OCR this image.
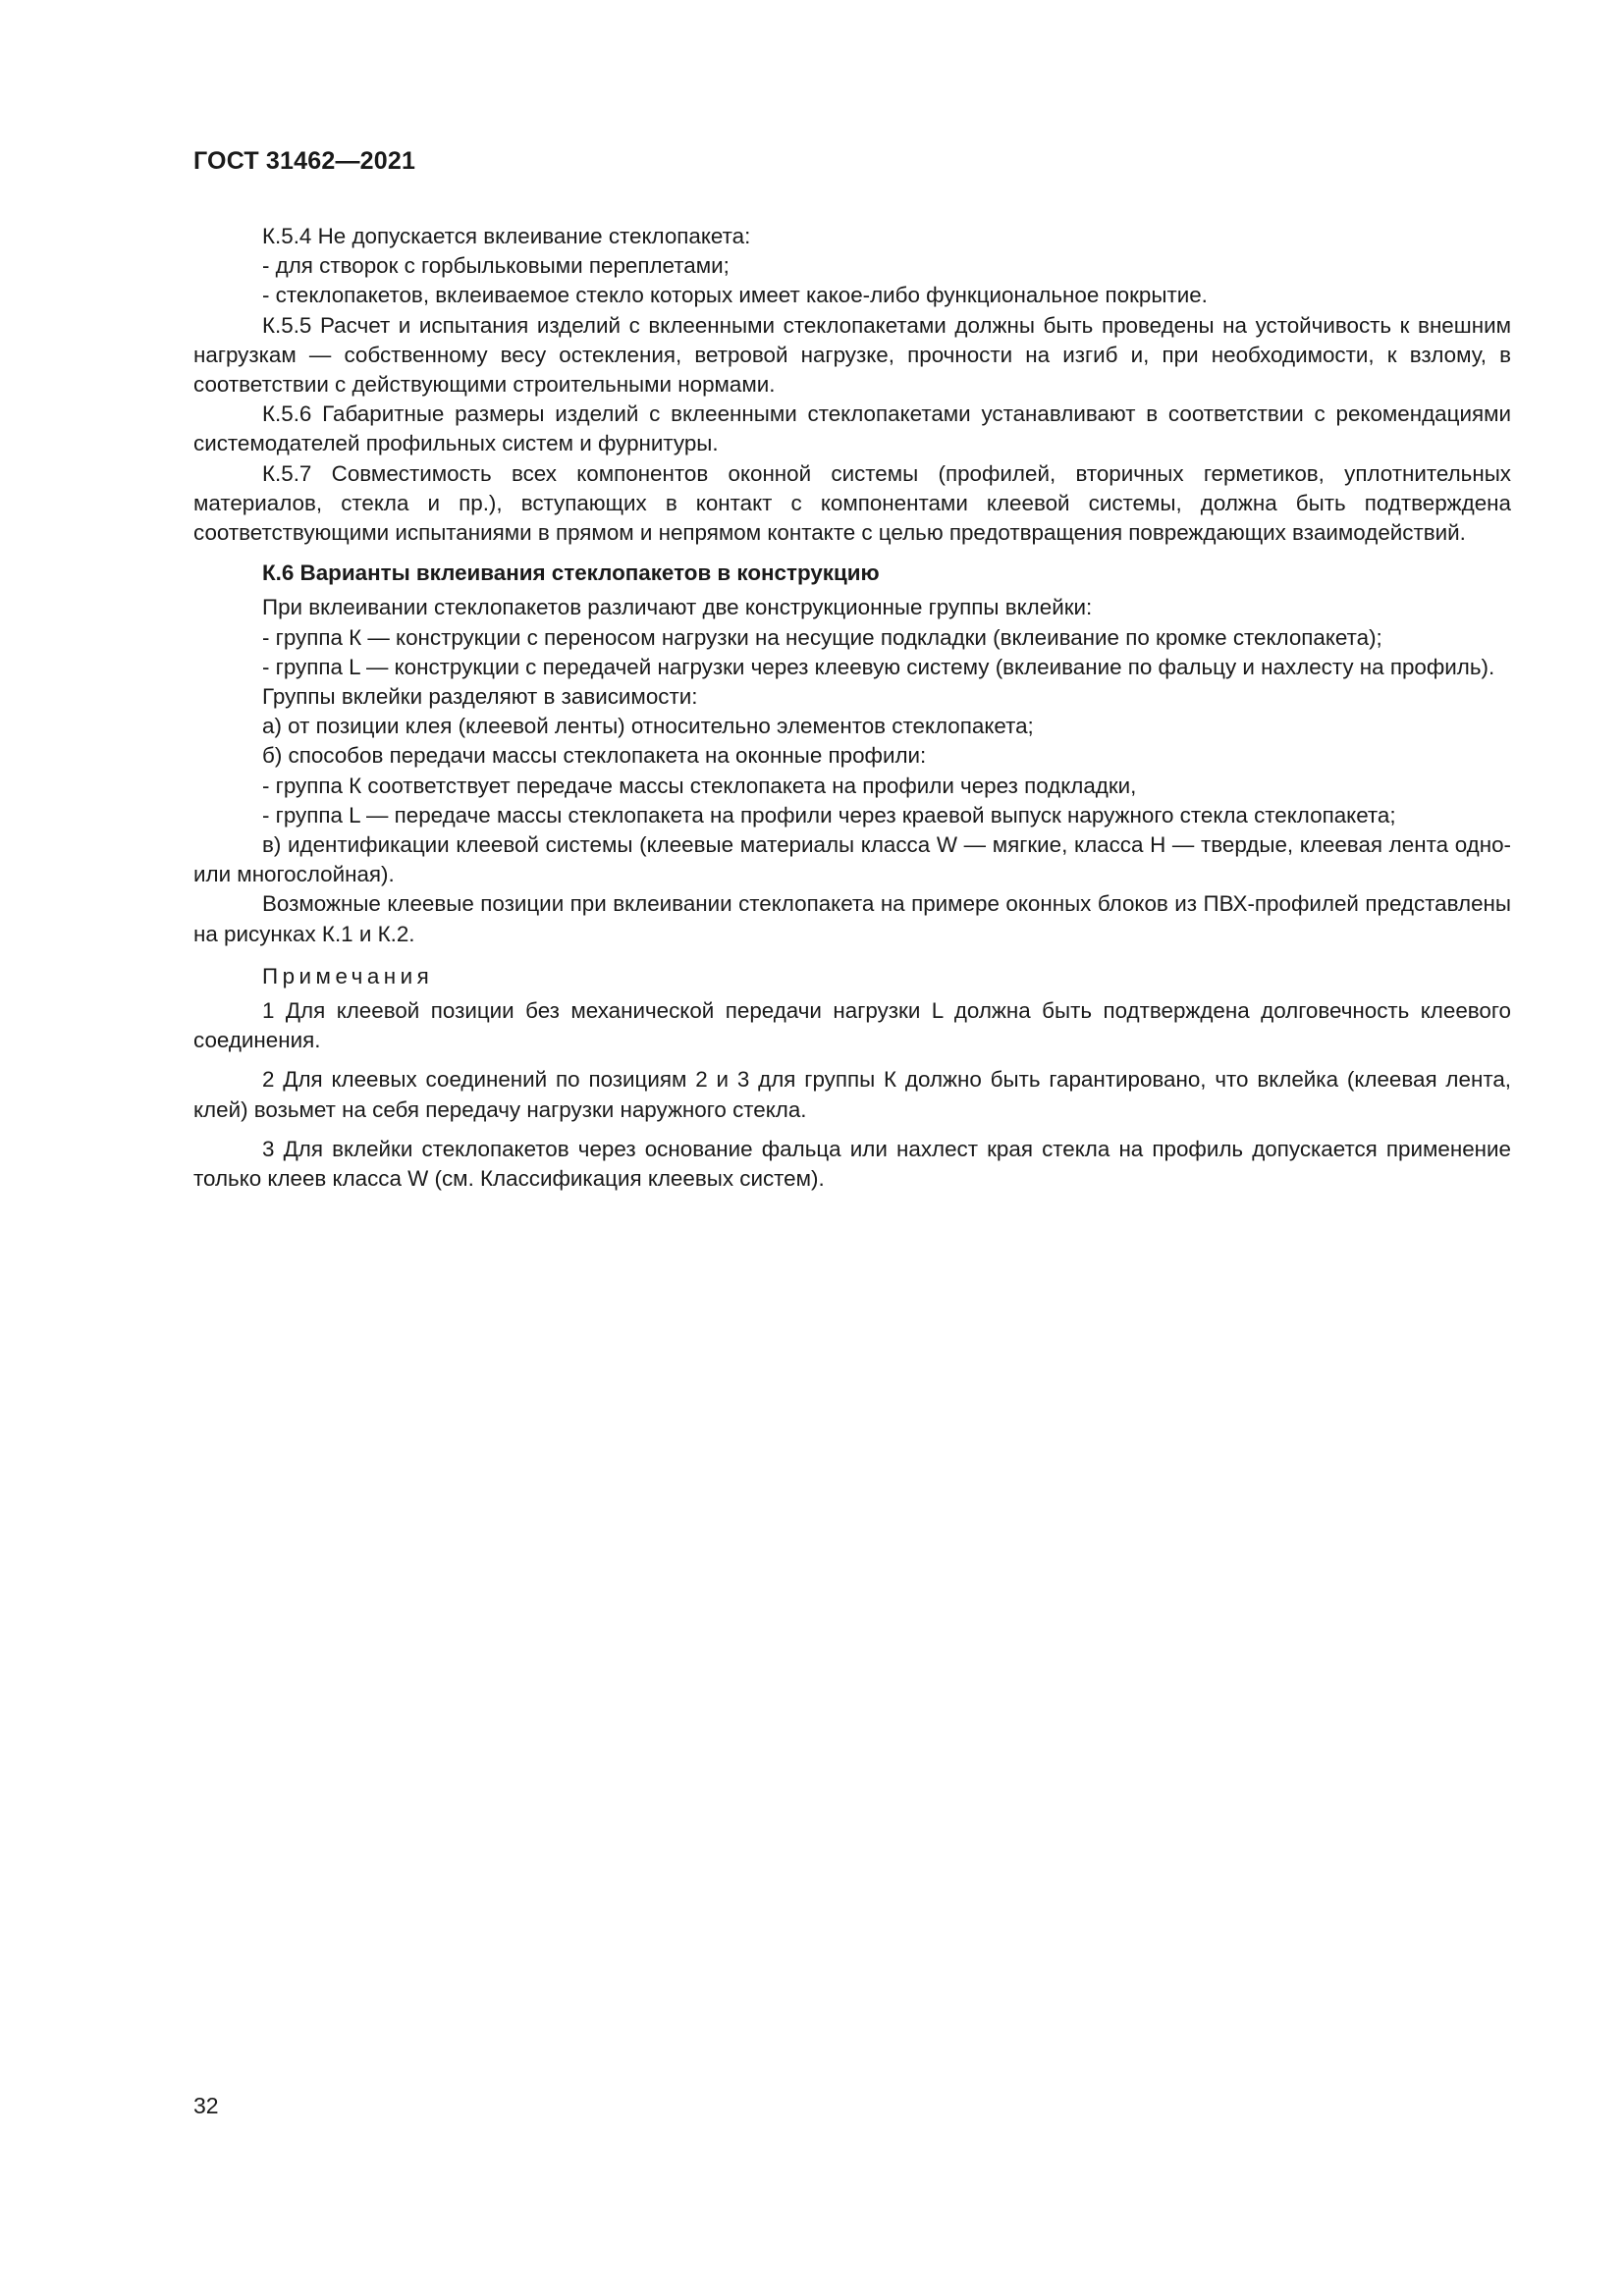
ГОСТ 31462—2021

К.5.4 Не допускается вклеивание стеклопакета:

- для створок с горбыльковыми переплетами;

- стеклопакетов, вклеиваемое стекло которых имеет какое-либо функциональное покрытие.

К.5.5 Расчет и испытания изделий с вклеенными стеклопакетами должны быть проведены на устойчивость к внешним нагрузкам — собственному весу остекления, ветровой нагрузке, прочности на изгиб и, при необходимости, к взлому, в соответствии с действующими строительными нормами.

К.5.6 Габаритные размеры изделий с вклеенными стеклопакетами устанавливают в соответствии с рекомендациями системодателей профильных систем и фурнитуры.

К.5.7 Совместимость всех компонентов оконной системы (профилей, вторичных герметиков, уплотнительных материалов, стекла и пр.), вступающих в контакт с компонентами клеевой системы, должна быть подтверждена соответствующими испытаниями в прямом и непрямом контакте с целью предотвращения повреждающих взаимодействий.

К.6 Варианты вклеивания стеклопакетов в конструкцию

При вклеивании стеклопакетов различают две конструкционные группы вклейки:

- группа К — конструкции с переносом нагрузки на несущие подкладки (вклеивание по кромке стеклопакета);

- группа L — конструкции с передачей нагрузки через клеевую систему (вклеивание по фальцу и нахлесту на профиль).

Группы вклейки разделяют в зависимости:

а) от позиции клея (клеевой ленты) относительно элементов стеклопакета;

б) способов передачи массы стеклопакета на оконные профили:

- группа К соответствует передаче массы стеклопакета на профили через подкладки,

- группа L — передаче массы стеклопакета на профили через краевой выпуск наружного стекла стеклопакета;

в) идентификации клеевой системы (клеевые материалы класса W — мягкие, класса Н — твердые, клеевая лента одно- или многослойная).

Возможные клеевые позиции при вклеивании стеклопакета на примере оконных блоков из ПВХ-профилей представлены на рисунках К.1 и К.2.

Примечания

1 Для клеевой позиции без механической передачи нагрузки L должна быть подтверждена долговечность клеевого соединения.

2 Для клеевых соединений по позициям 2 и 3 для группы К должно быть гарантировано, что вклейка (клеевая лента, клей) возьмет на себя передачу нагрузки наружного стекла.

3 Для вклейки стеклопакетов через основание фальца или нахлест края стекла на профиль допускается применение только клеев класса W (см. Классификация клеевых систем).

32
